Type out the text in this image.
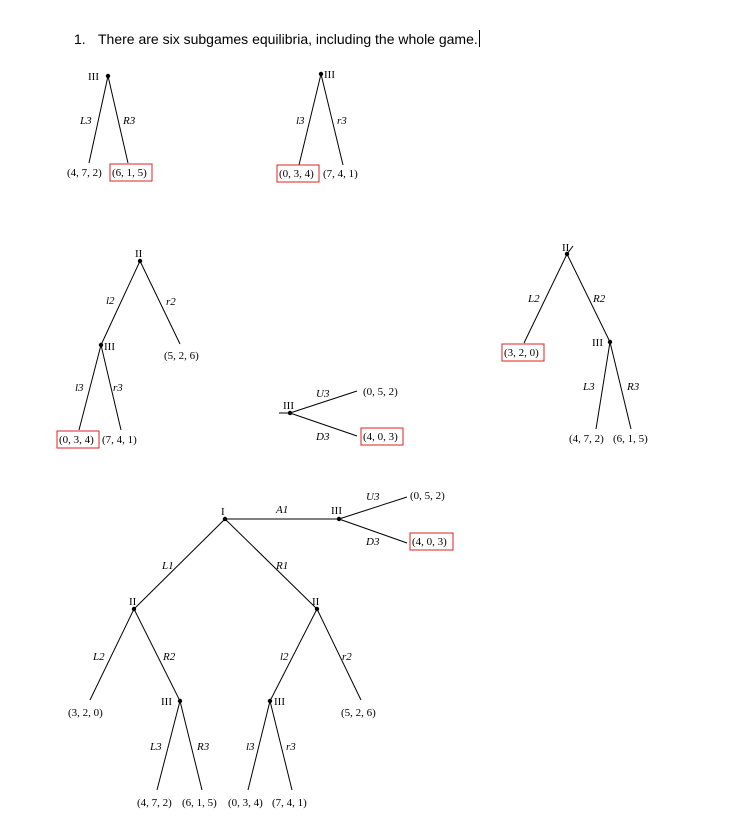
1. There are six subgames equilibria, including the whole game.

III
L3	R3
(4, 7, 2) (6, 1, 5)
III
l3	r3
(0, 3, 4) (7, 4, 1)
II
l2	r2
III
(5, 2, 6)
l3	r3
(0, 3, 4) (7, 4, 1)
III
U3
D3
(0, 5, 2)
(4, 0, 3)
II
L2	R2
(3, 2, 0)
III
L3	R3
(4, 7, 2) (6, 1, 5)
I	A1	III
U3
D3
(0, 5, 2)
(4, 0, 3)
L1	R1
II	II
L2	R2	l2	r2
(3, 2, 0)
III	III
(5, 2, 6)
L3	R3	l3	r3
(4, 7, 2) (6, 1, 5) (0, 3, 4) (7, 4, 1)
